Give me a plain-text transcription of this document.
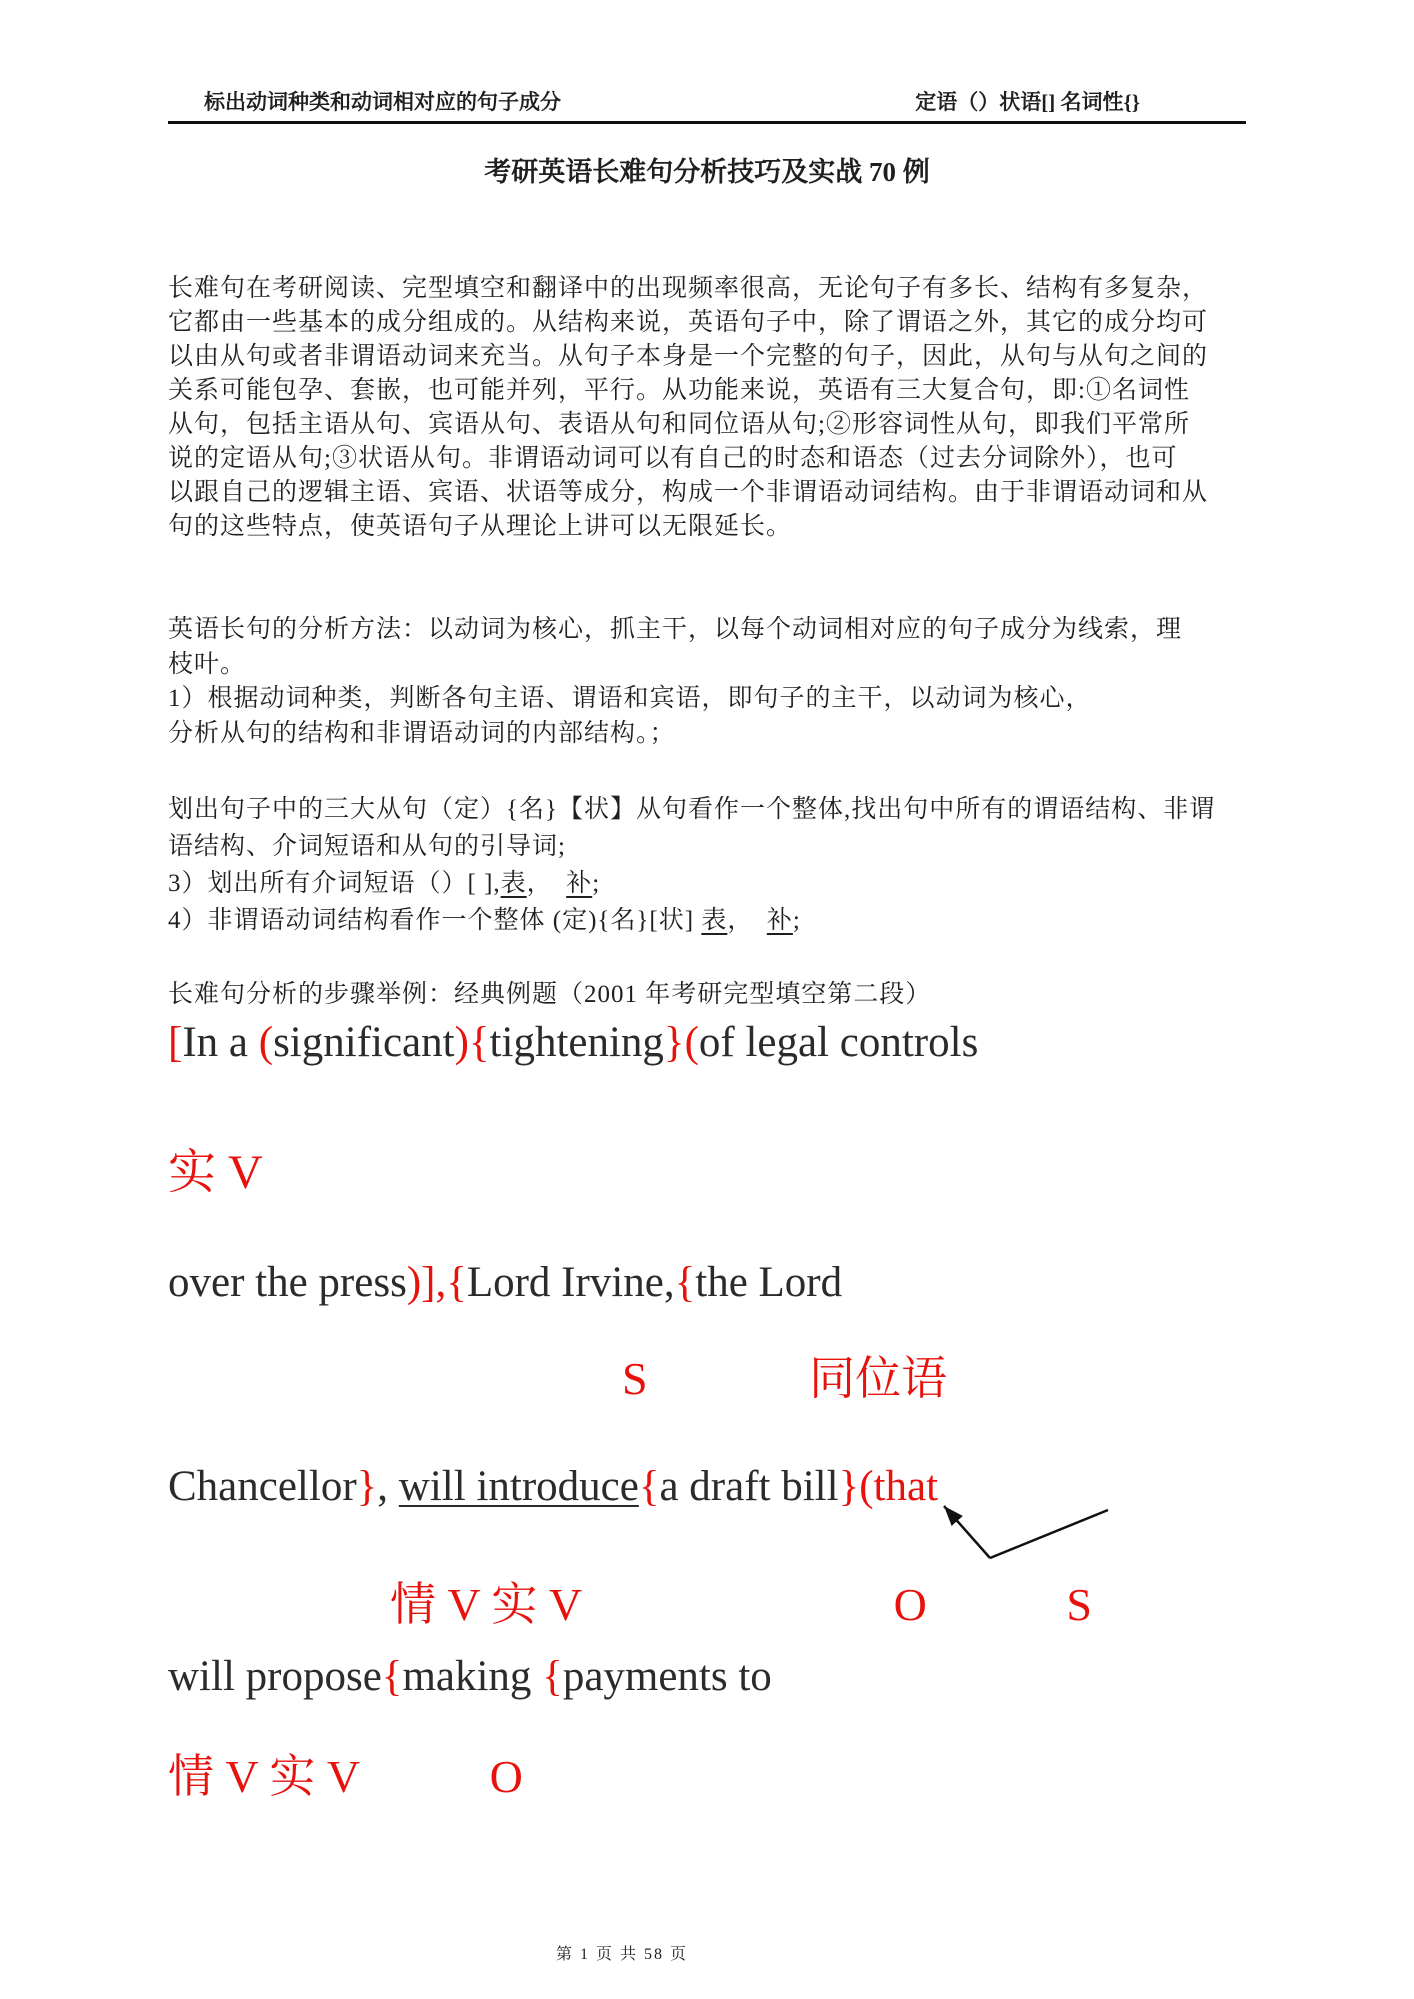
标出动词种类和动词相对应的句子成分	定语（）状语[] 名词性{}
考研英语长难句分析技巧及实战 70 例
长难句在考研阅读、完型填空和翻译中的出现频率很高，无论句子有多长、结构有多复杂，
它都由一些基本的成分组成的。从结构来说，英语句子中，除了谓语之外，其它的成分均可
以由从句或者非谓语动词来充当。从句子本身是一个完整的句子，因此，从句与从句之间的
关系可能包孕、套嵌，也可能并列，平行。从功能来说，英语有三大复合句，即:①名词性
从句，包括主语从句、宾语从句、表语从句和同位语从句;②形容词性从句，即我们平常所
说的定语从句;③状语从句。非谓语动词可以有自己的时态和语态（过去分词除外），也可
以跟自己的逻辑主语、宾语、状语等成分，构成一个非谓语动词结构。由于非谓语动词和从
句的这些特点，使英语句子从理论上讲可以无限延长。
英语长句的分析方法：以动词为核心，抓主干，以每个动词相对应的句子成分为线索，理
枝叶。
1）根据动词种类，判断各句主语、谓语和宾语，即句子的主干，以动词为核心，
分析从句的结构和非谓语动词的内部结构。；
划出句子中的三大从句（定）{名}【状】从句看作一个整体,找出句中所有的谓语结构、非谓
语结构、介词短语和从句的引导词;
3）划出所有介词短语（）[ ],表，　补;
4）非谓语动词结构看作一个整体 (定){名}[状] 表，　补;
长难句分析的步骤举例：经典例题（2001 年考研完型填空第二段）
[In a (significant){tightening}(of legal controls
实 V
over the press)],{Lord Irvine,{the Lord
S	同位语
Chancellor}, will introduce{a draft bill}(that
情 V 实 V	O	S
will propose{making {payments to
情 V 实 V	O
第 1 页 共 58 页
